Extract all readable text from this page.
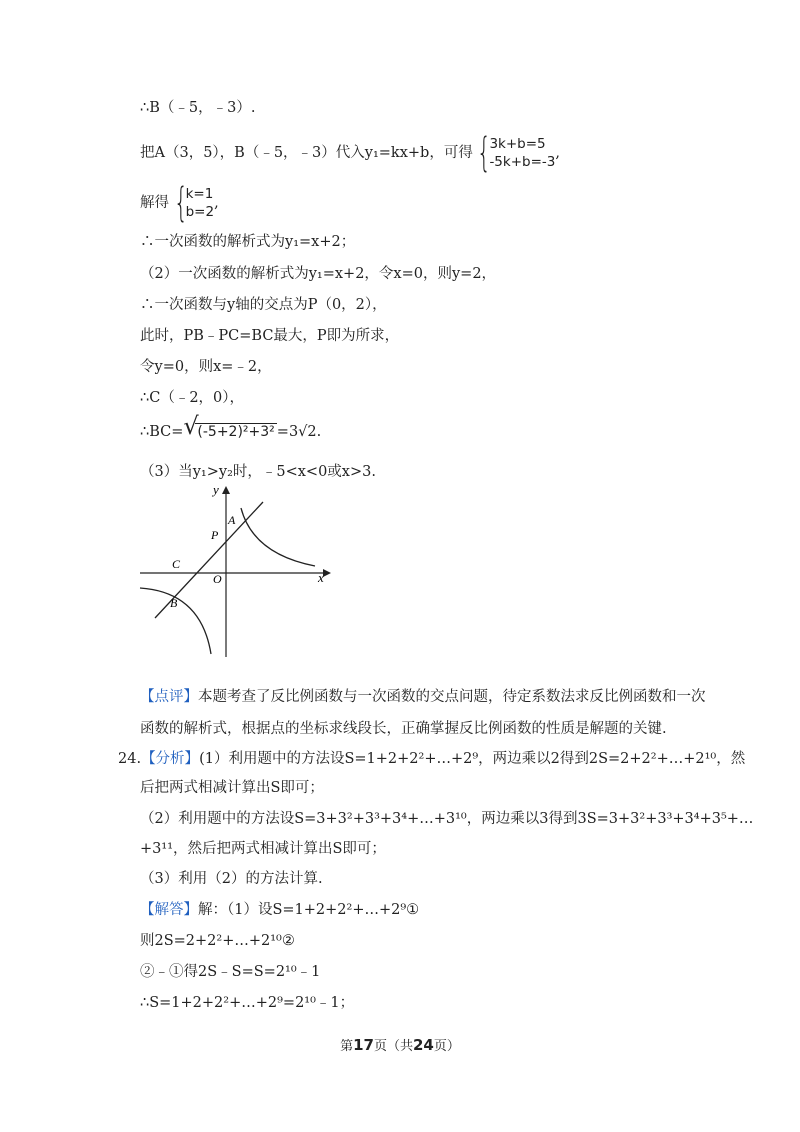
∴B（﹣5，﹣3）.
把A（3，5），B（﹣5，﹣3）代入y₁=kx+b，可得 {
3k+b=5
-5k+b=-3
,
解得 {
k=1
b=2
,
∴一次函数的解析式为y₁=x+2；
（2）一次函数的解析式为y₁=x+2，令x=0，则y=2，
∴一次函数与y轴的交点为P（0，2），
此时，PB﹣PC=BC最大，P即为所求，
令y=0，则x=﹣2，
∴C（﹣2，0），
∴BC= √
(-5+2)²+3² =3√2.
（3）当y₁>y₂时，﹣5<x<0或x>3.
x
y
O
A
P
C
B
【点评】本题考查了反比例函数与一次函数的交点问题，待定系数法求反比例函数和一次
函数的解析式，根据点的坐标求线段长，正确掌握反比例函数的性质是解题的关键.
24.【分析】(1）利用题中的方法设S=1+2+2²+…+2⁹，两边乘以2得到2S=2+2²+…+2¹⁰，然
后把两式相减计算出S即可；
（2）利用题中的方法设S=3+3²+3³+3⁴+…+3¹⁰，两边乘以3得到3S=3+3²+3³+3⁴+3⁵+…
+3¹¹，然后把两式相减计算出S即可；
（3）利用（2）的方法计算.
【解答】解：（1）设S=1+2+2²+…+2⁹①
则2S=2+2²+…+2¹⁰②
②﹣①得2S﹣S=S=2¹⁰﹣1
∴S=1+2+2²+…+2⁹=2¹⁰﹣1；
第17页（共24页）
